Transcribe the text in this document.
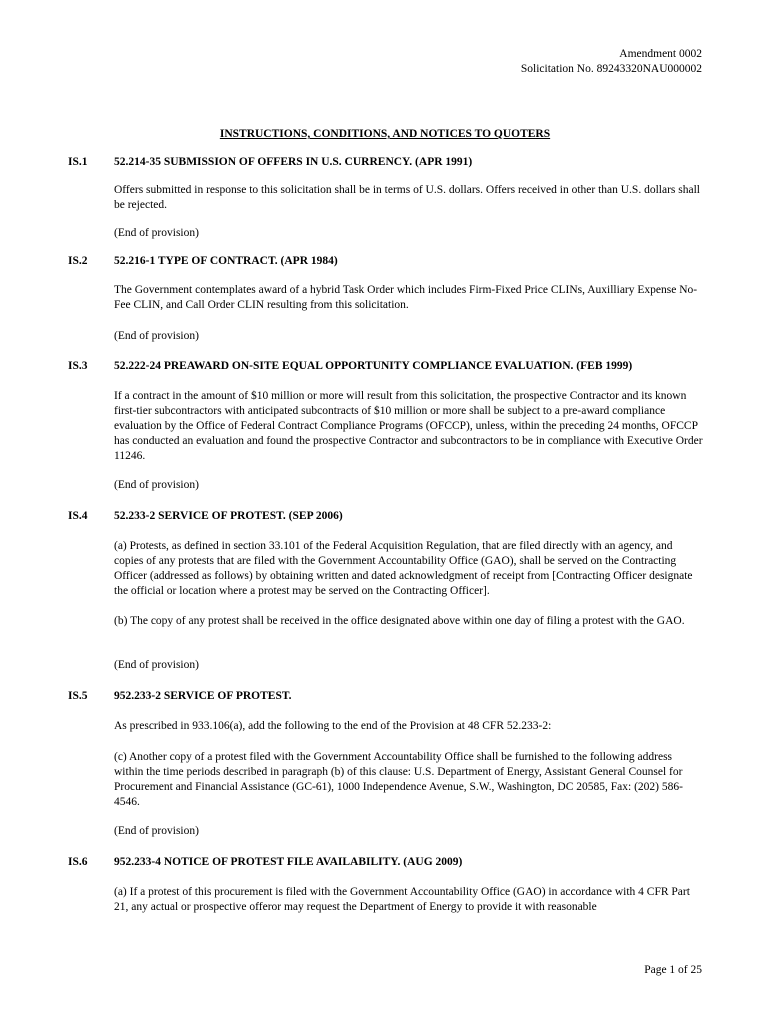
Amendment 0002
Solicitation No. 89243320NAU000002
INSTRUCTIONS, CONDITIONS, AND NOTICES TO QUOTERS
IS.1 52.214-35 SUBMISSION OF OFFERS IN U.S. CURRENCY. (APR 1991)

Offers submitted in response to this solicitation shall be in terms of U.S. dollars. Offers received in other than U.S. dollars shall be rejected.

(End of provision)

IS.2 52.216-1 TYPE OF CONTRACT. (APR 1984)

The Government contemplates award of a hybrid Task Order which includes Firm-Fixed Price CLINs, Auxilliary Expense No-Fee CLIN, and Call Order CLIN resulting from this solicitation.

(End of provision)

IS.3 52.222-24 PREAWARD ON-SITE EQUAL OPPORTUNITY COMPLIANCE EVALUATION. (FEB 1999)

If a contract in the amount of $10 million or more will result from this solicitation, the prospective Contractor and its known first-tier subcontractors with anticipated subcontracts of $10 million or more shall be subject to a pre-award compliance evaluation by the Office of Federal Contract Compliance Programs (OFCCP), unless, within the preceding 24 months, OFCCP has conducted an evaluation and found the prospective Contractor and subcontractors to be in compliance with Executive Order 11246.

(End of provision)

IS.4 52.233-2 SERVICE OF PROTEST. (SEP 2006)

(a) Protests, as defined in section 33.101 of the Federal Acquisition Regulation, that are filed directly with an agency, and copies of any protests that are filed with the Government Accountability Office (GAO), shall be served on the Contracting Officer (addressed as follows) by obtaining written and dated acknowledgment of receipt from [Contracting Officer designate the official or location where a protest may be served on the Contracting Officer].

(b) The copy of any protest shall be received in the office designated above within one day of filing a protest with the GAO.

(End of provision)

IS.5 952.233-2 SERVICE OF PROTEST.

As prescribed in 933.106(a), add the following to the end of the Provision at 48 CFR 52.233-2:

(c) Another copy of a protest filed with the Government Accountability Office shall be furnished to the following address within the time periods described in paragraph (b) of this clause: U.S. Department of Energy, Assistant General Counsel for Procurement and Financial Assistance (GC-61), 1000 Independence Avenue, S.W., Washington, DC 20585, Fax: (202) 586-4546.

(End of provision)

IS.6 952.233-4 NOTICE OF PROTEST FILE AVAILABILITY. (AUG 2009)

(a) If a protest of this procurement is filed with the Government Accountability Office (GAO) in accordance with 4 CFR Part 21, any actual or prospective offeror may request the Department of Energy to provide it with reasonable

Page 1 of 25
